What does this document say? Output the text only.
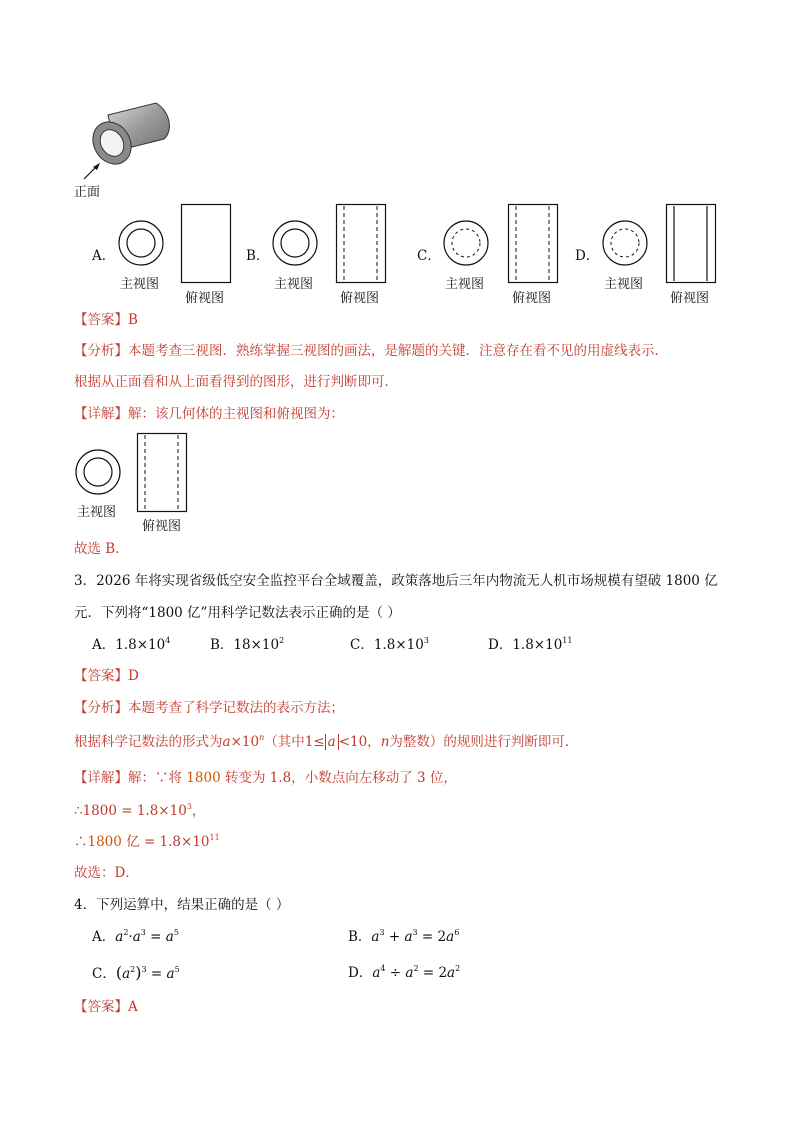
正面
A．
主视图
俯视图
B．
主视图
俯视图
C．
主视图
俯视图
D．
主视图
俯视图
【答案】B
【分析】本题考查三视图．熟练掌握三视图的画法，是解题的关键．注意存在看不见的用虚线表示．
根据从正面看和从上面看得到的图形，进行判断即可．
【详解】解：该几何体的主视图和俯视图为：
主视图
俯视图
故选 B．
3．2026 年将实现省级低空安全监控平台全域覆盖，政策落地后三年内物流无人机市场规模有望破 1800 亿
元．下列将“1800 亿”用科学记数法表示正确的是（ ）
A．$1.8\times 10^4$	B．$18\times 10^2$	C．$1.8\times 10^3$	D．$1.8\times 10^{11}$
【答案】D
【分析】本题考查了科学记数法的表示方法；
根据科学记数法的形式为$a\times 10^n$（其中1≤ a <10，n为整数）的规则进行判断即可．
【详解】解：∵将 1800 转变为 1.8，小数点向左移动了 3 位，
∴1800 = $1.8\times 10^3$，
∴1800 亿 = $1.8\times 10^{11}$
故选：D．
4．下列运算中，结果正确的是（ ）
A．$a^2\cdot a^3 = a^5$	B．$a^3 + a^3 = 2a^6$
C．$(a^2)^3 = a^5$	D．$a^4 \div a^2 = 2a^2$
【答案】A
